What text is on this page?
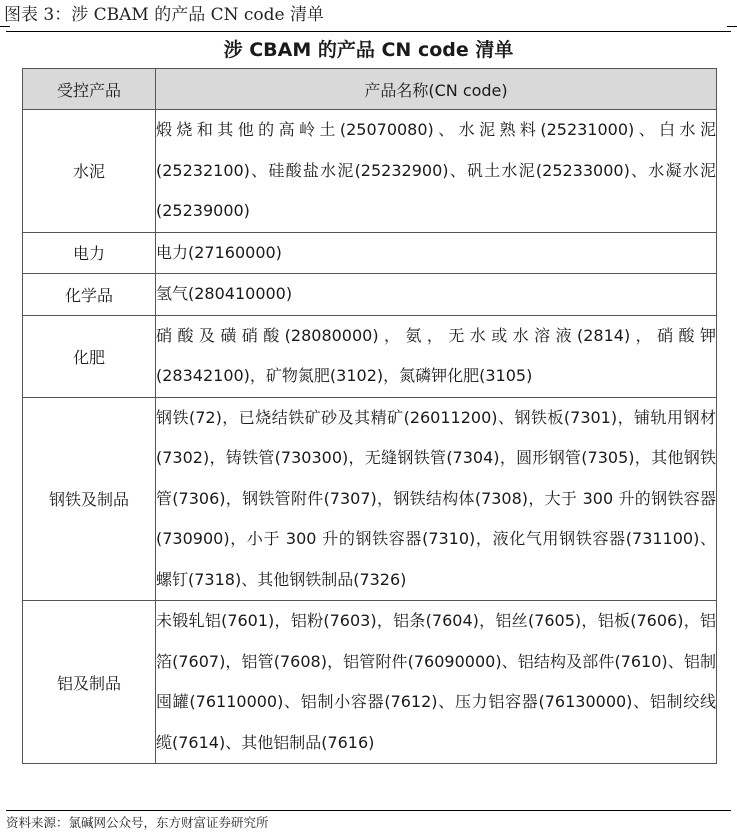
图表 3：涉 CBAM 的产品 CN code 清单
涉 CBAM 的产品 CN code 清单
受控产品	产品名称(CN code)
水泥	煅烧和其他的高岭土(25070080)、水泥熟料(25231000)、白水泥(25232100)、硅酸盐水泥(25232900)、矾土水泥(25233000)、水凝水泥(25239000)
电力	电力(27160000)
化学品	氢气(280410000)
化肥	硝酸及磺硝酸(28080000)，氨，无水或水溶液(2814)，硝酸钾(28342100)，矿物氮肥(3102)，氮磷钾化肥(3105)
钢铁及制品	钢铁(72)，已烧结铁矿砂及其精矿(26011200)、钢铁板(7301)，铺轨用钢材(7302)，铸铁管(730300)，无缝钢铁管(7304)，圆形钢管(7305)，其他钢铁管(7306)，钢铁管附件(7307)，钢铁结构体(7308)，大于 300 升的钢铁容器(730900)，小于 300 升的钢铁容器(7310)，液化气用钢铁容器(731100)、螺钉(7318)、其他钢铁制品(7326)
铝及制品	未锻轧铝(7601)，铝粉(7603)，铝条(7604)，铝丝(7605)，铝板(7606)，铝箔(7607)，铝管(7608)，铝管附件(76090000)、铝结构及部件(7610)、铝制囤罐(76110000)、铝制小容器(7612)、压力铝容器(76130000)、铝制绞线缆(7614)、其他铝制品(7616)
资料来源：氯碱网公众号，东方财富证券研究所
